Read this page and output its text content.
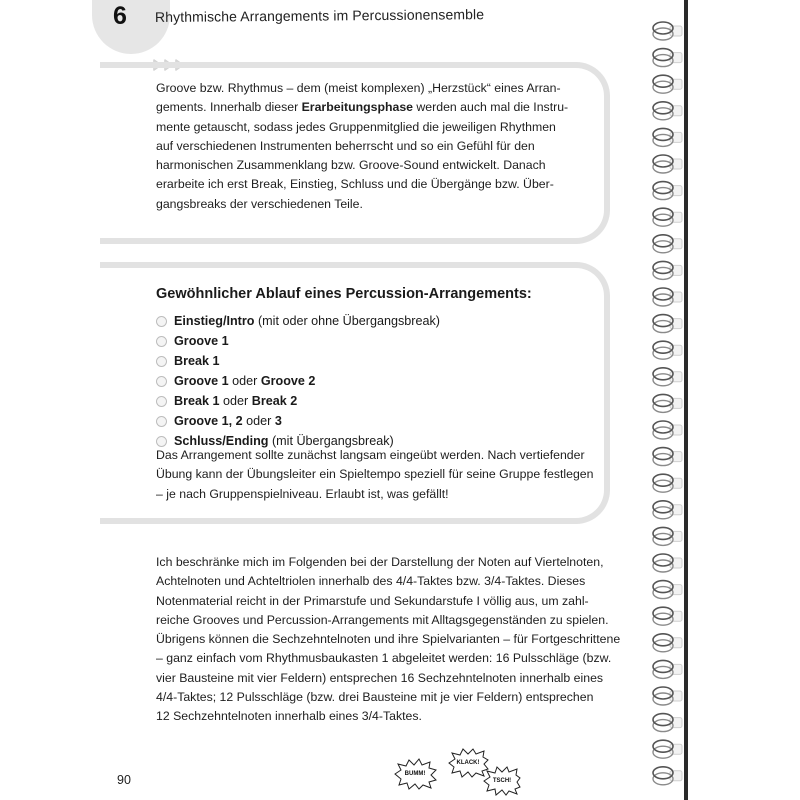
6 Rhythmische Arrangements im Percussionensemble
Groove bzw. Rhythmus – dem (meist komplexen) „Herzstück“ eines Arran-
gements. Innerhalb dieser Erarbeitungsphase werden auch mal die Instru-
mente getauscht, sodass jedes Gruppenmitglied die jeweiligen Rhythmen
auf verschiedenen Instrumenten beherrscht und so ein Gefühl für den
harmonischen Zusammenklang bzw. Groove-Sound entwickelt. Danach
erarbeite ich erst Break, Einstieg, Schluss und die Übergänge bzw. Über-
gangsbreaks der verschiedenen Teile.
Gewöhnlicher Ablauf eines Percussion-Arrangements:
Einstieg/Intro (mit oder ohne Übergangsbreak)
Groove 1
Break 1
Groove 1 oder Groove 2
Break 1 oder Break 2
Groove 1, 2 oder 3
Schluss/Ending (mit Übergangsbreak)
Das Arrangement sollte zunächst langsam eingeübt werden. Nach vertiefender
Übung kann der Übungsleiter ein Spieltempo speziell für seine Gruppe festlegen
– je nach Gruppenspielniveau. Erlaubt ist, was gefällt!
Ich beschränke mich im Folgenden bei der Darstellung der Noten auf Viertelnoten,
Achtelnoten und Achteltriolen innerhalb des 4/4-Taktes bzw. 3/4-Taktes. Dieses
Notenmaterial reicht in der Primarstufe und Sekundarstufe I völlig aus, um zahl-
reiche Grooves und Percussion-Arrangements mit Alltagsgegenständen zu spielen.
Übrigens können die Sechzehntelnoten und ihre Spielvarianten – für Fortgeschrittene
– ganz einfach vom Rhythmusbaukasten 1 abgeleitet werden: 16 Pulsschläge (bzw.
vier Bausteine mit vier Feldern) entsprechen 16 Sechzehntelnoten innerhalb eines
4/4-Taktes; 12 Pulsschläge (bzw. drei Bausteine mit je vier Feldern) entsprechen
12 Sechzehntelnoten innerhalb eines 3/4-Taktes.
90	BUMM!
KLACK!
TSCH!
